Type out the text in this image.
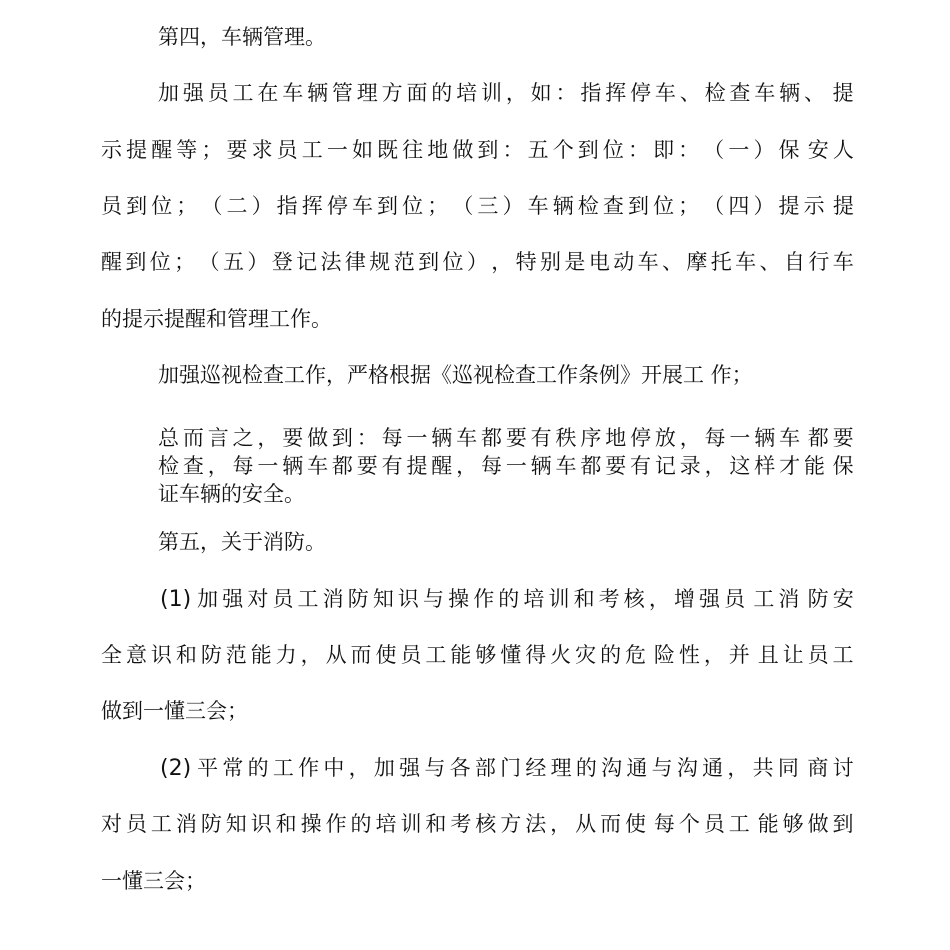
第四，车辆管理。
加 强 员 工 在 车 辆 管 理 方 面 的 培 训 ， 如 ： 指 挥 停 车 、 检 查 车 辆 、 提
示 提 醒 等 ； 要 求 员 工 一 如 既 往 地 做 到 ： 五 个 到 位 ： 即 ： （ 一 ） 保 安 人
员 到 位 ； （ 二 ） 指 挥 停 车 到 位 ； （ 三 ） 车 辆 检 查 到 位 ； （ 四 ） 提 示 提
醒 到 位 ； （ 五 ） 登 记 法 律 规 范 到 位 ） ， 特 别 是 电 动 车 、 摩 托 车 、 自 行 车
的提示提醒和管理工作。
加强巡视检查工作，严格根据《巡视检查工作条例》开展工 作；
总 而 言 之 ， 要 做 到 ： 每 一 辆 车 都 要 有 秩 序 地 停 放 ， 每 一 辆 车 都 要
检 查 ， 每 一 辆 车 都 要 有 提 醒 ， 每 一 辆 车 都 要 有 记 录 ， 这 样 才 能 保
证车辆的安全。
第五，关于消防。
(1) 加 强 对 员 工 消 防 知 识 与 操 作 的 培 训 和 考 核 ， 增 强 员 工 消 防 安
全 意 识 和 防 范 能 力 ， 从 而 使 员 工 能 够 懂 得 火 灾 的 危 险 性 ， 并 且 让 员 工
做到一懂三会；
(2) 平 常 的 工 作 中 ， 加 强 与 各 部 门 经 理 的 沟 通 与 沟 通 ， 共 同 商 讨
对 员 工 消 防 知 识 和 操 作 的 培 训 和 考 核 方 法 ， 从 而 使 每 个 员 工 能 够 做 到
一懂三会；
